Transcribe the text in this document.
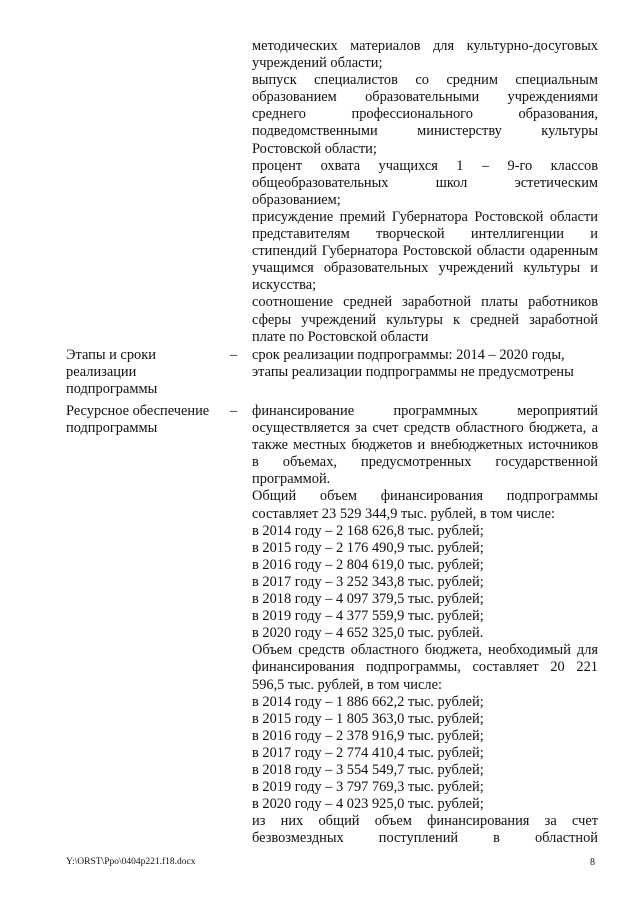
методических материалов для культурно-досуговых учреждений области;

выпуск специалистов со средним специальным образованием образовательными учреждениями среднего профессионального образования, подведомственными министерству культуры Ростовской области;

процент охвата учащихся 1 – 9-го классов общеобразовательных школ эстетическим образованием;

присуждение премий Губернатора Ростовской области представителям творческой интеллигенции и стипендий Губернатора Ростовской области одаренным учащимся образовательных учреждений культуры и искусства;

соотношение средней заработной платы работников сферы учреждений культуры к средней заработной плате по Ростовской области

Этапы и сроки реализации подпрограммы
– срок реализации подпрограммы: 2014 – 2020 годы,

этапы реализации подпрограммы не предусмотрены

Ресурсное обеспечение подпрограммы
– финансирование программных мероприятий осуществляется за счет средств областного бюджета, а также местных бюджетов и внебюджетных источников в объемах, предусмотренных государственной программой.

Общий объем финансирования подпрограммы составляет 23 529 344,9 тыс. рублей, в том числе:

в 2014 году – 2 168 626,8 тыс. рублей;

в 2015 году – 2 176 490,9 тыс. рублей;

в 2016 году – 2 804 619,0 тыс. рублей;

в 2017 году – 3 252 343,8 тыс. рублей;

в 2018 году – 4 097 379,5 тыс. рублей;

в 2019 году – 4 377 559,9 тыс. рублей;

в 2020 году – 4 652 325,0 тыс. рублей.

Объем средств областного бюджета, необходимый для финансирования подпрограммы, составляет 20 221 596,5 тыс. рублей, в том числе:

в 2014 году – 1 886 662,2 тыс. рублей;

в 2015 году – 1 805 363,0 тыс. рублей;

в 2016 году – 2 378 916,9 тыс. рублей;

в 2017 году – 2 774 410,4 тыс. рублей;

в 2018 году – 3 554 549,7 тыс. рублей;

в 2019 году – 3 797 769,3 тыс. рублей;

в 2020 году – 4 023 925,0 тыс. рублей;

из них общий объем финансирования за счет безвозмездных поступлений в областной

Y:\ORST\Ppo\0404p221.f18.docx	8
